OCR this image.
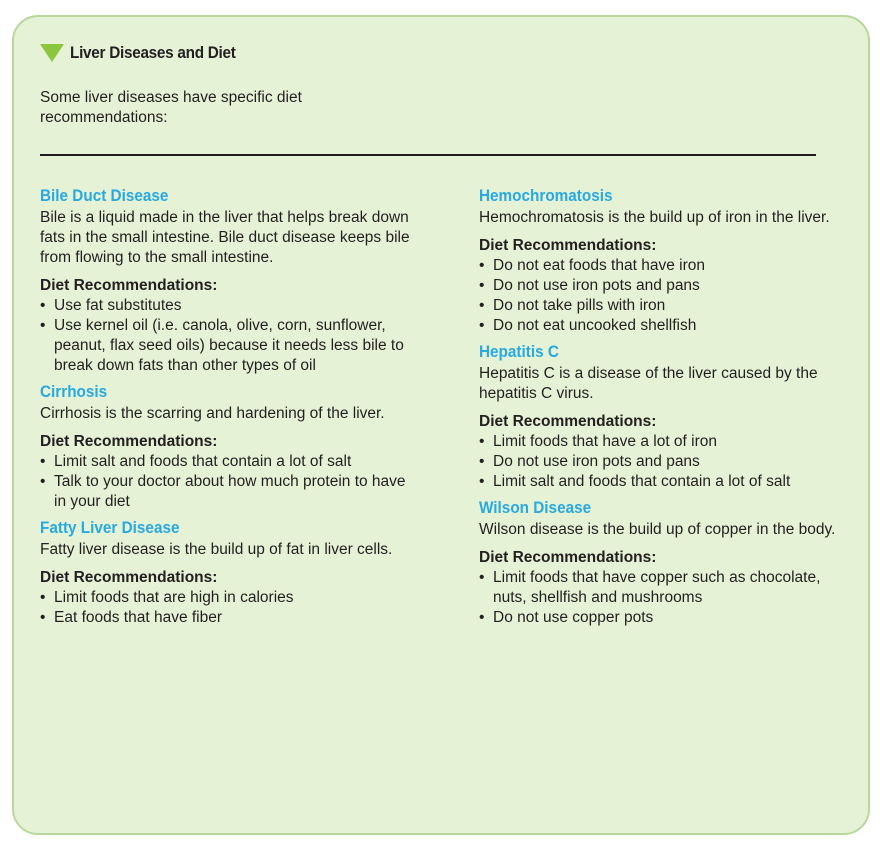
Liver Diseases and Diet
Some liver diseases have specific diet recommendations:

Bile Duct Disease

Bile is a liquid made in the liver that helps break down fats in the small intestine. Bile duct disease keeps bile from flowing to the small intestine.

Diet Recommendations:

• Use fat substitutes
• Use kernel oil (i.e. canola, olive, corn, sunflower, peanut, flax seed oils) because it needs less bile to break down fats than other types of oil

Cirrhosis

Cirrhosis is the scarring and hardening of the liver.

Diet Recommendations:

• Limit salt and foods that contain a lot of salt
• Talk to your doctor about how much protein to have in your diet

Fatty Liver Disease

Fatty liver disease is the build up of fat in liver cells.

Diet Recommendations:

• Limit foods that are high in calories
• Eat foods that have fiber

Hemochromatosis

Hemochromatosis is the build up of iron in the liver.

Diet Recommendations:

• Do not eat foods that have iron
• Do not use iron pots and pans
• Do not take pills with iron
• Do not eat uncooked shellfish

Hepatitis C

Hepatitis C is a disease of the liver caused by the hepatitis C virus.

Diet Recommendations:

• Limit foods that have a lot of iron
• Do not use iron pots and pans
• Limit salt and foods that contain a lot of salt

Wilson Disease

Wilson disease is the build up of copper in the body.

Diet Recommendations:

• Limit foods that have copper such as chocolate, nuts, shellfish and mushrooms
• Do not use copper pots
